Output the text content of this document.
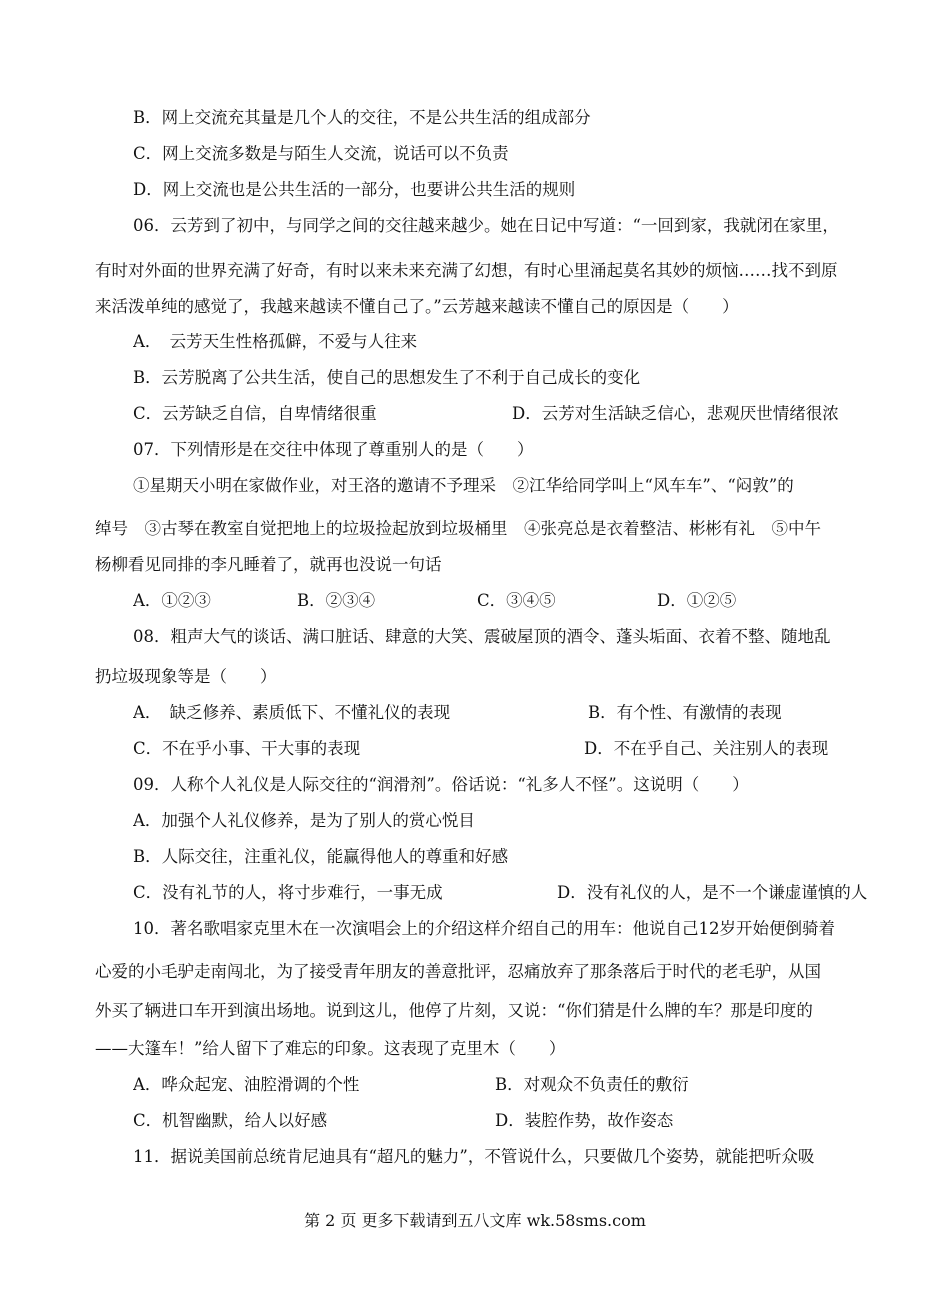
B．网上交流充其量是几个人的交往，不是公共生活的组成部分
C．网上交流多数是与陌生人交流，说话可以不负责
D．网上交流也是公共生活的一部分，也要讲公共生活的规则
06．云芳到了初中，与同学之间的交往越来越少。她在日记中写道：“一回到家，我就闭在家里，
有时对外面的世界充满了好奇，有时以来未来充满了幻想，有时心里涌起莫名其妙的烦恼……找不到原
来活泼单纯的感觉了，我越来越读不懂自己了。”云芳越来越读不懂自己的原因是（　　）
A．　云芳天生性格孤僻，不爱与人往来
B．云芳脱离了公共生活，使自己的思想发生了不利于自己成长的变化
C．云芳缺乏自信，自卑情绪很重	D．云芳对生活缺乏信心，悲观厌世情绪很浓
07．下列情形是在交往中体现了尊重别人的是（　　）
①星期天小明在家做作业，对王洛的邀请不予理采　②江华给同学叫上“风车车”、“闷敦”的
绰号　③古琴在教室自觉把地上的垃圾捡起放到垃圾桶里　④张亮总是衣着整洁、彬彬有礼　⑤中午
杨柳看见同排的李凡睡着了，就再也没说一句话
A．①②③	B．②③④	C．③④⑤	D．①②⑤
08．粗声大气的谈话、满口脏话、肆意的大笑、震破屋顶的酒令、蓬头垢面、衣着不整、随地乱
扔垃圾现象等是（　　）
A．　缺乏修养、素质低下、不懂礼仪的表现	B．有个性、有激情的表现
C．不在乎小事、干大事的表现	D．不在乎自己、关注别人的表现
09．人称个人礼仪是人际交往的“润滑剂”。俗话说：“礼多人不怪”。这说明（　　）
A．加强个人礼仪修养，是为了别人的赏心悦目
B．人际交往，注重礼仪，能赢得他人的尊重和好感
C．没有礼节的人，将寸步难行，一事无成	D．没有礼仪的人，是不一个谦虚谨慎的人
10．著名歌唱家克里木在一次演唱会上的介绍这样介绍自己的用车：他说自己12岁开始便倒骑着
心爱的小毛驴走南闯北，为了接受青年朋友的善意批评，忍痛放弃了那条落后于时代的老毛驴，从国
外买了辆进口车开到演出场地。说到这儿，他停了片刻，又说：“你们猜是什么牌的车？那是印度的
——大篷车！”给人留下了难忘的印象。这表现了克里木（　　）
A．哗众起宠、油腔滑调的个性	B．对观众不负责任的敷衍
C．机智幽默，给人以好感	D．装腔作势，故作姿态
11．据说美国前总统肯尼迪具有“超凡的魅力”，不管说什么，只要做几个姿势，就能把听众吸
第 2 页 更多下载请到五八文库 wk.58sms.com
